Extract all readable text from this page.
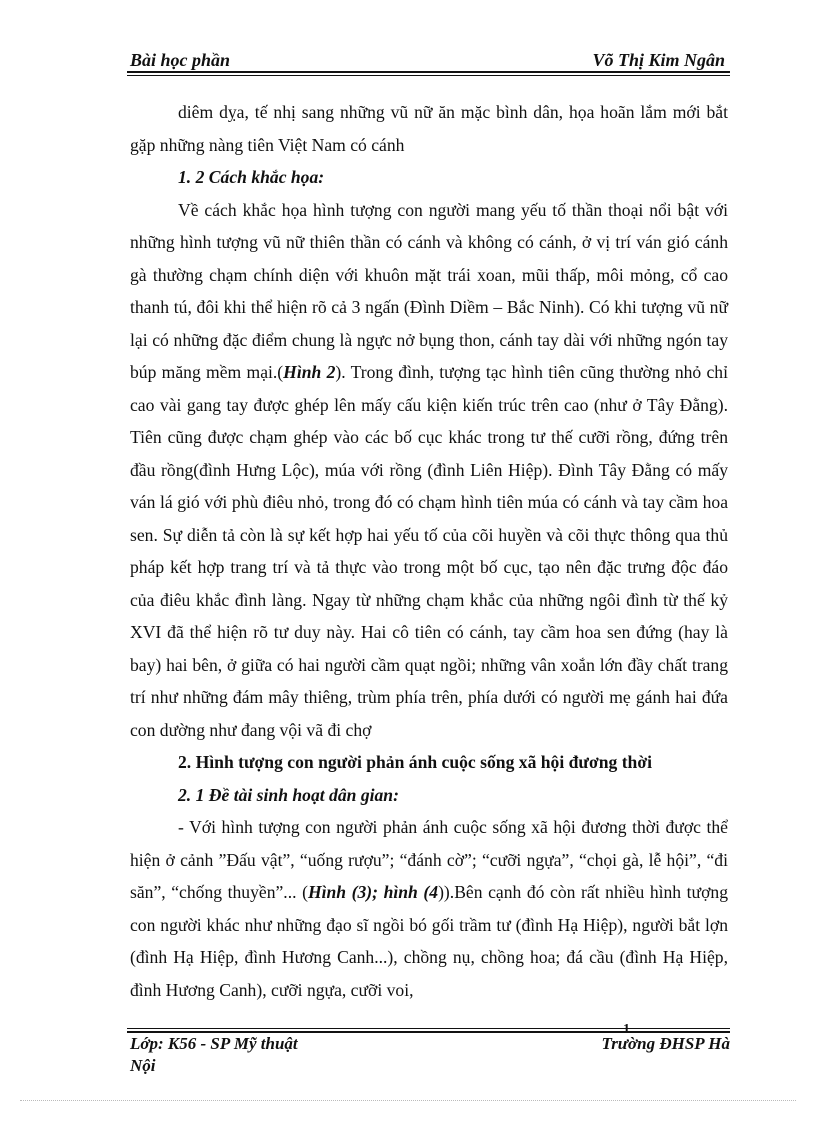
Bài học phần	Võ Thị Kim Ngân

diêm dỵa, tế nhị sang những vũ nữ ăn mặc bình dân, họa hoãn lắm mới bắt gặp những nàng tiên Việt Nam có cánh

1. 2 Cách khắc họa:

Về cách khắc họa hình tượng con người mang yếu tố thần thoại nổi bật với những hình tượng vũ nữ thiên thần có cánh và không có cánh, ở vị trí ván gió cánh gà thường chạm chính diện với khuôn mặt trái xoan, mũi thấp, môi mỏng, cổ cao thanh tú, đôi khi thể hiện rõ cả 3 ngấn (Đình Diềm – Bắc Ninh). Có khi tượng vũ nữ lại có những đặc điểm chung là ngực nở bụng thon, cánh tay dài với những ngón tay búp măng mềm mại.(Hình 2). Trong đình, tượng tạc hình tiên cũng thường nhỏ chỉ cao vài gang tay được ghép lên mấy cấu kiện kiến trúc trên cao (như ở Tây Đằng). Tiên cũng được chạm ghép vào các bố cục khác trong tư thế cưỡi rồng, đứng trên đầu rồng(đình Hưng Lộc), múa với rồng (đình Liên Hiệp). Đình Tây Đằng có mấy ván lá gió với phù điêu nhỏ, trong đó có chạm hình tiên múa có cánh và tay cầm hoa sen. Sự diễn tả còn là sự kết hợp hai yếu tố của cõi huyền và cõi thực thông qua thủ pháp kết hợp trang trí và tả thực vào trong một bố cục, tạo nên đặc trưng độc đáo của điêu khắc đình làng. Ngay từ những chạm khắc của những ngôi đình từ thế kỷ XVI đã thể hiện rõ tư duy này. Hai cô tiên có cánh, tay cầm hoa sen đứng (hay là bay) hai bên, ở giữa có hai người cầm quạt ngồi; những vân xoắn lớn đầy chất trang trí như những đám mây thiêng, trùm phía trên, phía dưới có người mẹ gánh hai đứa con dường như đang vội vã đi chợ

2. Hình tượng con người phản ánh cuộc sống xã hội đương thời

2. 1 Đề tài sinh hoạt dân gian:

- Với hình tượng con người phản ánh cuộc sống xã hội đương thời được thể hiện ở cảnh ”Đấu vật”, “uống rượu”; “đánh cờ”; “cưỡi ngựa”, “chọi gà, lễ hội”, “đi săn”, “chống thuyền”... (Hình (3); hình (4)).Bên cạnh đó còn rất nhiều hình tượng con người khác như những đạo sĩ ngồi bó gối trầm tư (đình Hạ Hiệp), người bắt lợn (đình Hạ Hiệp, đình Hương Canh...), chồng nụ, chồng hoa; đá cầu (đình Hạ Hiệp, đình Hương Canh), cưỡi ngựa, cưỡi voi,

1
Lớp: K56 - SP Mỹ thuật	Trường ĐHSP Hà
Nội
